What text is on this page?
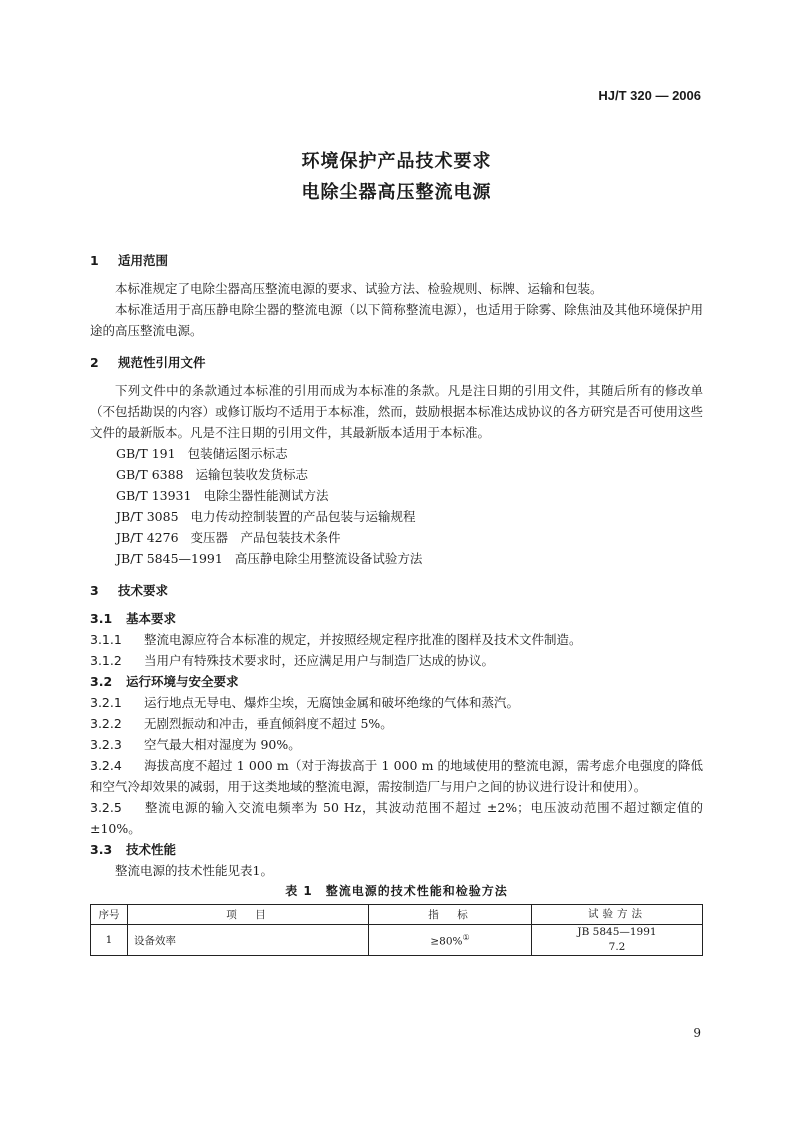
HJ/T 320 — 2006
环境保护产品技术要求
电除尘器高压整流电源
1 适用范围
本标准规定了电除尘器高压整流电源的要求、试验方法、检验规则、标牌、运输和包装。
本标准适用于高压静电除尘器的整流电源（以下简称整流电源），也适用于除雾、除焦油及其他环境保护用途的高压整流电源。
2 规范性引用文件
下列文件中的条款通过本标准的引用而成为本标准的条款。凡是注日期的引用文件，其随后所有的修改单（不包括勘误的内容）或修订版均不适用于本标准，然而，鼓励根据本标准达成协议的各方研究是否可使用这些文件的最新版本。凡是不注日期的引用文件，其最新版本适用于本标准。
GB/T 191 包装储运图示标志
GB/T 6388 运输包装收发货标志
GB/T 13931 电除尘器性能测试方法
JB/T 3085 电力传动控制装置的产品包装与运输规程
JB/T 4276 变压器　产品包装技术条件
JB/T 5845—1991 高压静电除尘用整流设备试验方法
3 技术要求
3.1 基本要求
3.1.1 整流电源应符合本标准的规定，并按照经规定程序批准的图样及技术文件制造。
3.1.2 当用户有特殊技术要求时，还应满足用户与制造厂达成的协议。
3.2 运行环境与安全要求
3.2.1 运行地点无导电、爆炸尘埃，无腐蚀金属和破坏绝缘的气体和蒸汽。
3.2.2 无剧烈振动和冲击，垂直倾斜度不超过 5%。
3.2.3 空气最大相对湿度为 90%。
3.2.4 海拔高度不超过 1 000 m（对于海拔高于 1 000 m 的地域使用的整流电源，需考虑介电强度的降低和空气冷却效果的减弱，用于这类地域的整流电源，需按制造厂与用户之间的协议进行设计和使用）。
3.2.5 整流电源的输入交流电频率为 50 Hz，其波动范围不超过 ±2%；电压波动范围不超过额定值的 ±10%。
3.3 技术性能
整流电源的技术性能见表1。
表 1　整流电源的技术性能和检验方法
序号	项　目	指　标	试验方法
1	设备效率	≥80%①	JB 5845—1991
7.2
9
